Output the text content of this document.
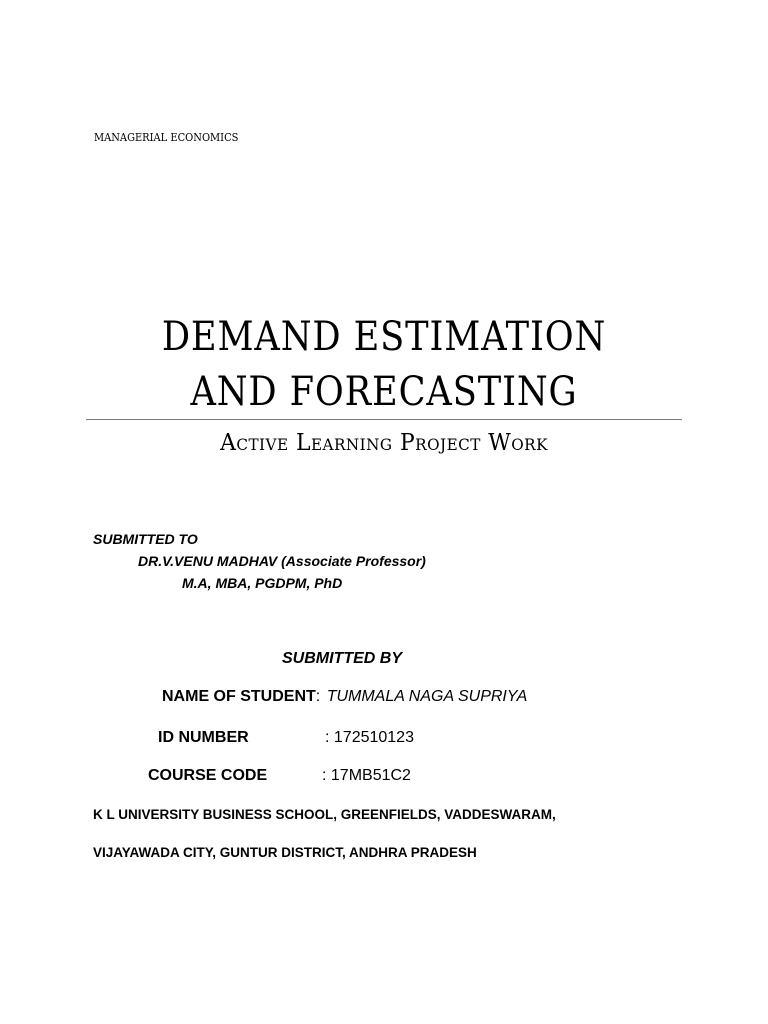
MANAGERIAL ECONOMICS
DEMAND ESTIMATION
AND FORECASTING
Active Learning Project Work
SUBMITTED TO
DR.V.VENU MADHAV (Associate Professor)
M.A, MBA, PGDPM, PhD
SUBMITTED BY
NAME OF STUDENT: TUMMALA NAGA SUPRIYA
ID NUMBER	: 172510123
COURSE CODE	: 17MB51C2
K L UNIVERSITY BUSINESS SCHOOL, GREENFIELDS, VADDESWARAM,
VIJAYAWADA CITY, GUNTUR DISTRICT, ANDHRA PRADESH
